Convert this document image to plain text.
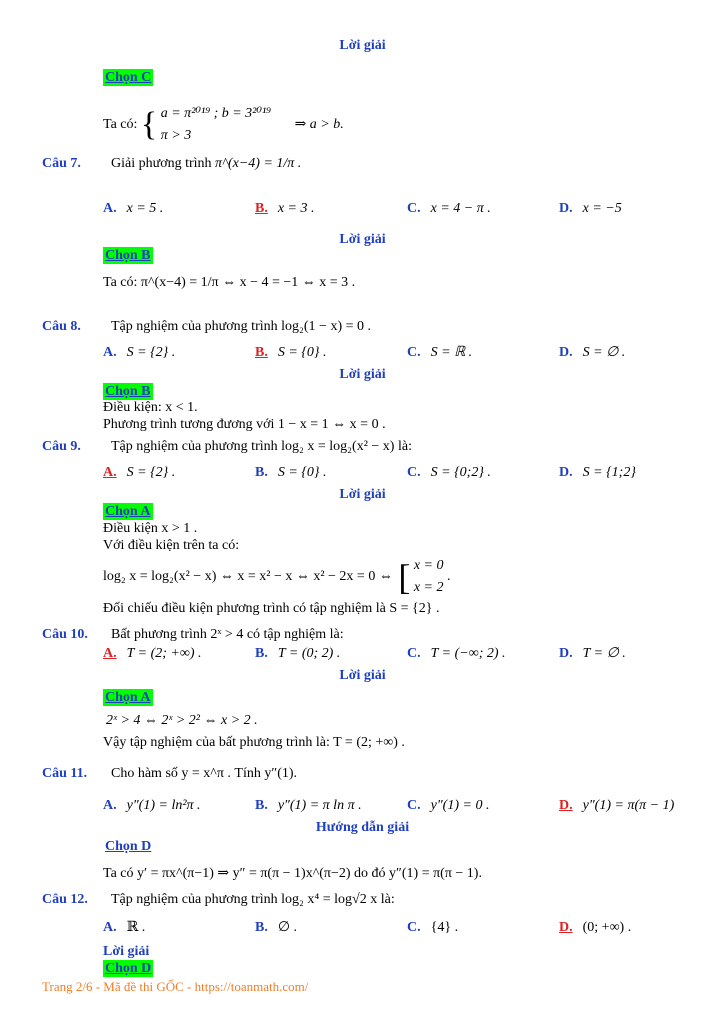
Lời giải
Chọn C
Ta có: { a = π²⁰¹⁹ ; b = 3²⁰¹⁹
π > 3
⇒ a > b.
Câu 7. Giải phương trình π^(x−4) = 1/π .
A. x = 5 .	B. x = 3 .	C. x = 4 − π .	D. x = −5
Lời giải
Chọn B
Ta có: π^(x−4) = 1/π ⇔ x − 4 = −1 ⇔ x = 3 .
Câu 8. Tập nghiệm của phương trình log₂(1 − x) = 0 .
A. S = {2} .	B. S = {0} .	C. S = ℝ .	D. S = ∅ .
Lời giải
Chọn B
Điều kiện: x < 1.
Phương trình tương đương với 1 − x = 1 ⇔ x = 0 .
Câu 9. Tập nghiệm của phương trình log₂ x = log₂(x² − x) là:
A. S = {2} .	B. S = {0} .	C. S = {0;2} .	D. S = {1;2}
Lời giải
Chọn A
Điều kiện x > 1 .
Với điều kiện trên ta có:
log₂ x = log₂(x² − x) ⇔ x = x² − x ⇔ x² − 2x = 0 ⇔ [ x = 0
x = 2
.
Đối chiếu điều kiện phương trình có tập nghiệm là S = {2} .
Câu 10. Bất phương trình 2ˣ > 4 có tập nghiệm là:
A. T = (2; +∞) .	B. T = (0; 2) .	C. T = (−∞; 2) .	D. T = ∅ .
Lời giải
Chọn A
2ˣ > 4 ⇔ 2ˣ > 2² ⇔ x > 2 .
Vậy tập nghiệm của bất phương trình là: T = (2; +∞) .
Câu 11. Cho hàm số y = x^π . Tính y″(1).
A. y″(1) = ln²π .	B. y″(1) = π ln π .	C. y″(1) = 0 .	D. y″(1) = π(π − 1)
Hướng dẫn giải
Chọn D
Ta có y′ = πx^(π−1) ⇒ y″ = π(π − 1)x^(π−2) do đó y″(1) = π(π − 1).
Câu 12. Tập nghiệm của phương trình log₂ x⁴ = log√2 x là:
A. ℝ .	B. ∅ .	C. {4} .	D. (0; +∞) .
Lời giải
Chọn D
Trang 2/6 - Mã đề thi GỐC - https://toanmath.com/
